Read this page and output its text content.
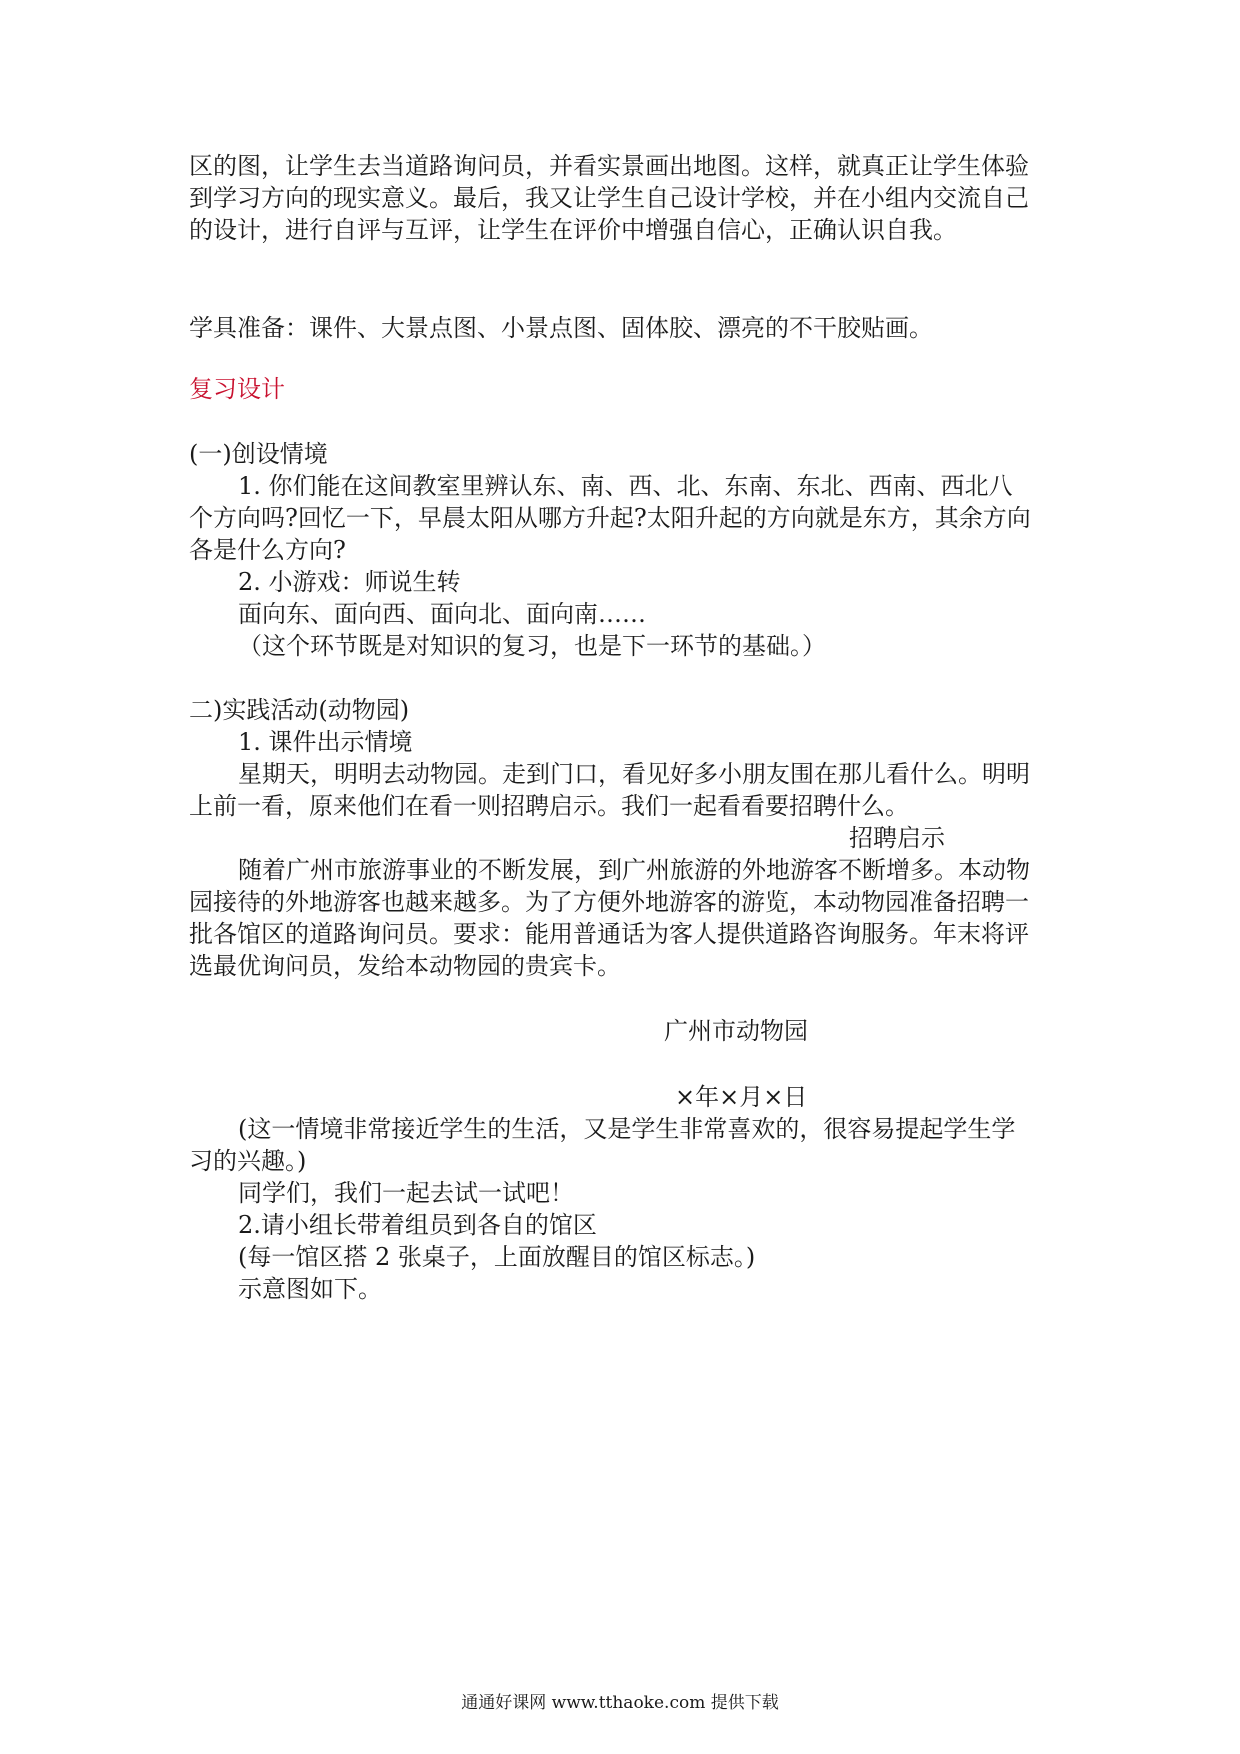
区的图，让学生去当道路询问员，并看实景画出地图。这样，就真正让学生体验

到学习方向的现实意义。最后，我又让学生自己设计学校，并在小组内交流自己

的设计，进行自评与互评，让学生在评价中增强自信心，正确认识自我。

学具准备：课件、大景点图、小景点图、固体胶、漂亮的不干胶贴画。

复习设计

(一)创设情境

1. 你们能在这间教室里辨认东、南、西、北、东南、东北、西南、西北八

个方向吗?回忆一下，早晨太阳从哪方升起?太阳升起的方向就是东方，其余方向

各是什么方向?

2. 小游戏：师说生转

面向东、面向西、面向北、面向南……

（这个环节既是对知识的复习，也是下一环节的基础。）

二)实践活动(动物园)

1. 课件出示情境

星期天，明明去动物园。走到门口，看见好多小朋友围在那儿看什么。明明

上前一看，原来他们在看一则招聘启示。我们一起看看要招聘什么。

招聘启示

随着广州市旅游事业的不断发展，到广州旅游的外地游客不断增多。本动物

园接待的外地游客也越来越多。为了方便外地游客的游览，本动物园准备招聘一

批各馆区的道路询问员。要求：能用普通话为客人提供道路咨询服务。年末将评

选最优询问员，发给本动物园的贵宾卡。

广州市动物园

×年×月×日

(这一情境非常接近学生的生活，又是学生非常喜欢的，很容易提起学生学

习的兴趣。)

同学们，我们一起去试一试吧！

2.请小组长带着组员到各自的馆区

(每一馆区搭 2 张桌子，上面放醒目的馆区标志。)

示意图如下。

通通好课网 www.tthaoke.com 提供下载
